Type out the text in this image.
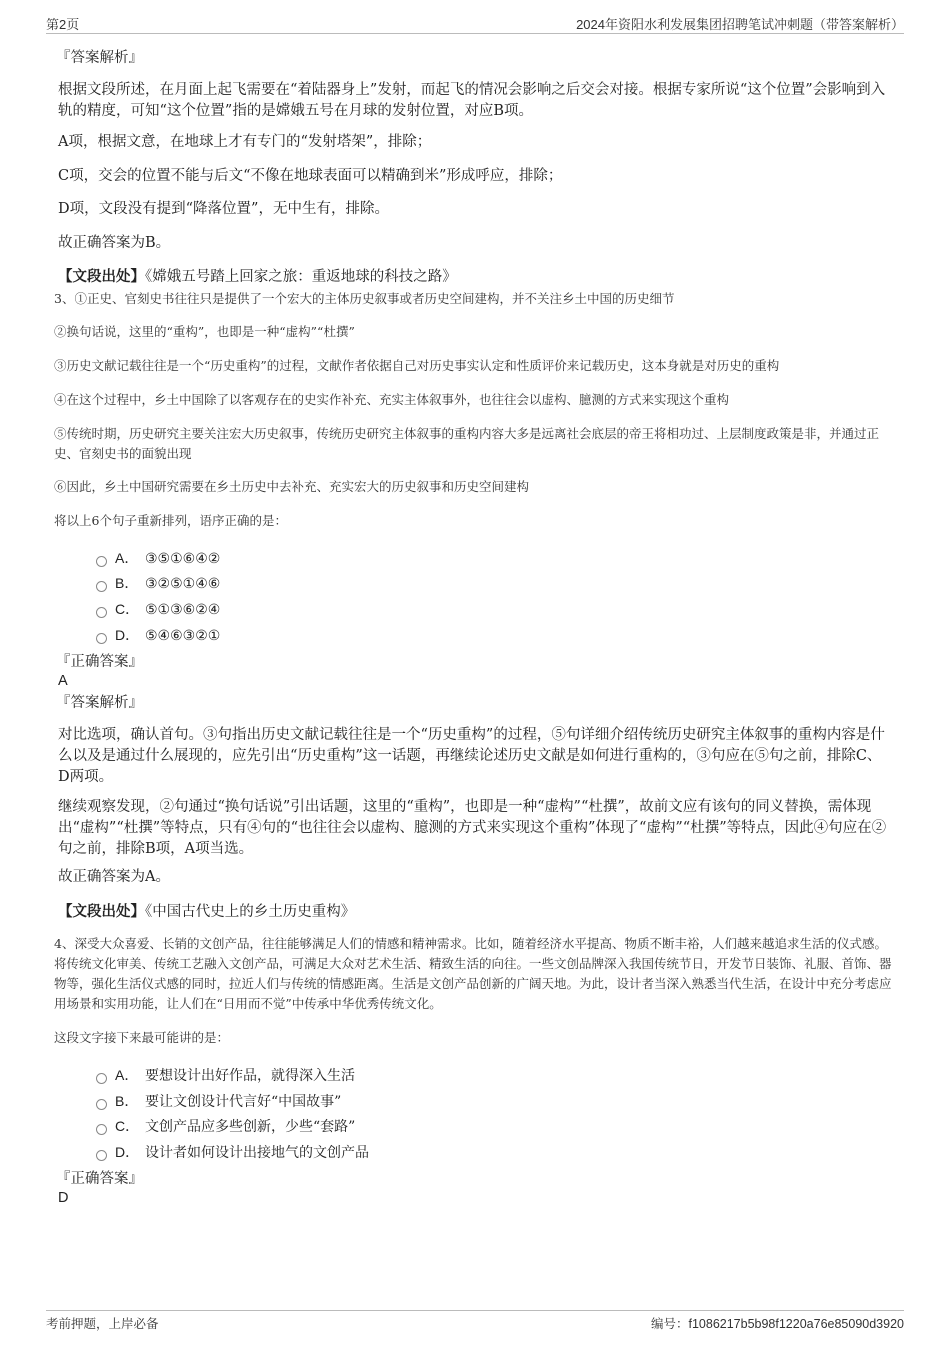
第2页	2024年资阳水利发展集团招聘笔试冲刺题（带答案解析）
『答案解析』
根据文段所述，在月面上起飞需要在“着陆器身上”发射，而起飞的情况会影响之后交会对接。根据专家所说“这个位置”会影响到入轨的精度，可知“这个位置”指的是嫦娥五号在月球的发射位置，对应B项。
A项，根据文意，在地球上才有专门的“发射塔架”，排除；
C项，交会的位置不能与后文“不像在地球表面可以精确到米”形成呼应，排除；
D项，文段没有提到“降落位置”，无中生有，排除。
故正确答案为B。
【文段出处】《嫦娥五号踏上回家之旅：重返地球的科技之路》
3、①正史、官刻史书往往只是提供了一个宏大的主体历史叙事或者历史空间建构，并不关注乡土中国的历史细节
②换句话说，这里的“重构”，也即是一种“虚构”“杜撰”
③历史文献记载往往是一个“历史重构”的过程，文献作者依据自己对历史事实认定和性质评价来记载历史，这本身就是对历史的重构
④在这个过程中，乡土中国除了以客观存在的史实作补充、充实主体叙事外，也往往会以虚构、臆测的方式来实现这个重构
⑤传统时期，历史研究主要关注宏大历史叙事，传统历史研究主体叙事的重构内容大多是远离社会底层的帝王将相功过、上层制度政策是非，并通过正史、官刻史书的面貌出现
⑥因此，乡土中国研究需要在乡土历史中去补充、充实宏大的历史叙事和历史空间建构
将以上6个句子重新排列，语序正确的是：
A． ③⑤①⑥④②
B． ③②⑤①④⑥
C． ⑤①③⑥②④
D． ⑤④⑥③②①
『正确答案』
A
『答案解析』
对比选项，确认首句。③句指出历史文献记载往往是一个“历史重构”的过程，⑤句详细介绍传统历史研究主体叙事的重构内容是什么以及是通过什么展现的，应先引出“历史重构”这一话题，再继续论述历史文献是如何进行重构的，③句应在⑤句之前，排除C、D两项。
继续观察发现，②句通过“换句话说”引出话题，这里的“重构”，也即是一种“虚构”“杜撰”，故前文应有该句的同义替换，需体现出“虚构”“杜撰”等特点，只有④句的“也往往会以虚构、臆测的方式来实现这个重构”体现了“虚构”“杜撰”等特点，因此④句应在②句之前，排除B项，A项当选。
故正确答案为A。
【文段出处】《中国古代史上的乡土历史重构》
4、深受大众喜爱、长销的文创产品，往往能够满足人们的情感和精神需求。比如，随着经济水平提高、物质不断丰裕，人们越来越追求生活的仪式感。将传统文化审美、传统工艺融入文创产品，可满足大众对艺术生活、精致生活的向往。一些文创品牌深入我国传统节日，开发节日装饰、礼服、首饰、器物等，强化生活仪式感的同时，拉近人们与传统的情感距离。生活是文创产品创新的广阔天地。为此，设计者当深入熟悉当代生活，在设计中充分考虑应用场景和实用功能，让人们在“日用而不觉”中传承中华优秀传统文化。
这段文字接下来最可能讲的是：
A． 要想设计出好作品，就得深入生活
B． 要让文创设计代言好“中国故事”
C． 文创产品应多些创新，少些“套路”
D． 设计者如何设计出接地气的文创产品
『正确答案』
D
考前押题，上岸必备	编号：f1086217b5b98f1220a76e85090d3920
